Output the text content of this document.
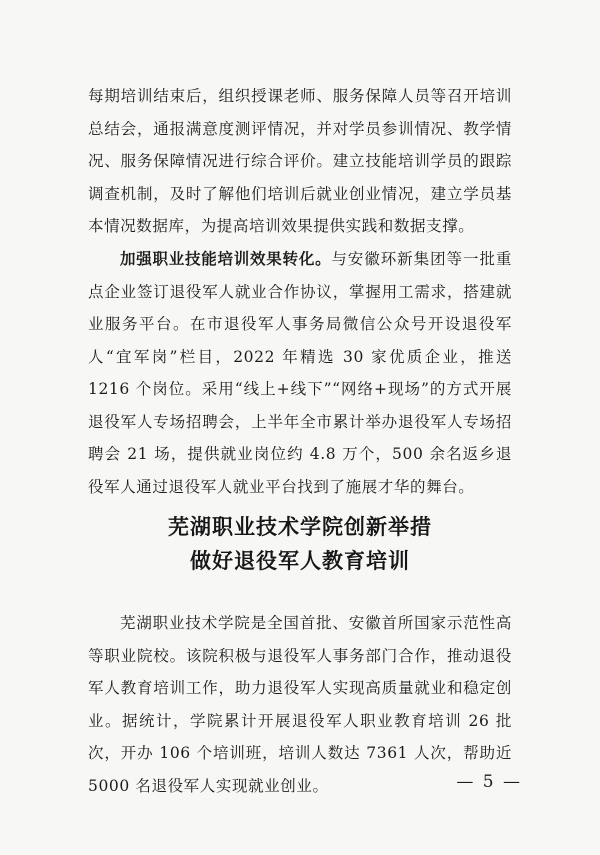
每期培训结束后，组织授课老师、服务保障人员等召开培训总结会，通报满意度测评情况，并对学员参训情况、教学情况、服务保障情况进行综合评价。建立技能培训学员的跟踪调查机制，及时了解他们培训后就业创业情况，建立学员基本情况数据库，为提高培训效果提供实践和数据支撑。

加强职业技能培训效果转化。与安徽环新集团等一批重点企业签订退役军人就业合作协议，掌握用工需求，搭建就业服务平台。在市退役军人事务局微信公众号开设退役军人“宜军岗”栏目，2022 年精选 30 家优质企业，推送 1216 个岗位。采用“线上+线下”“网络+现场”的方式开展退役军人专场招聘会，上半年全市累计举办退役军人专场招聘会 21 场，提供就业岗位约 4.8 万个，500 余名返乡退役军人通过退役军人就业平台找到了施展才华的舞台。

芜湖职业技术学院创新举措
做好退役军人教育培训

芜湖职业技术学院是全国首批、安徽首所国家示范性高等职业院校。该院积极与退役军人事务部门合作，推动退役军人教育培训工作，助力退役军人实现高质量就业和稳定创业。据统计，学院累计开展退役军人职业教育培训 26 批次，开办 106 个培训班，培训人数达 7361 人次，帮助近 5000 名退役军人实现就业创业。	— 5 —
